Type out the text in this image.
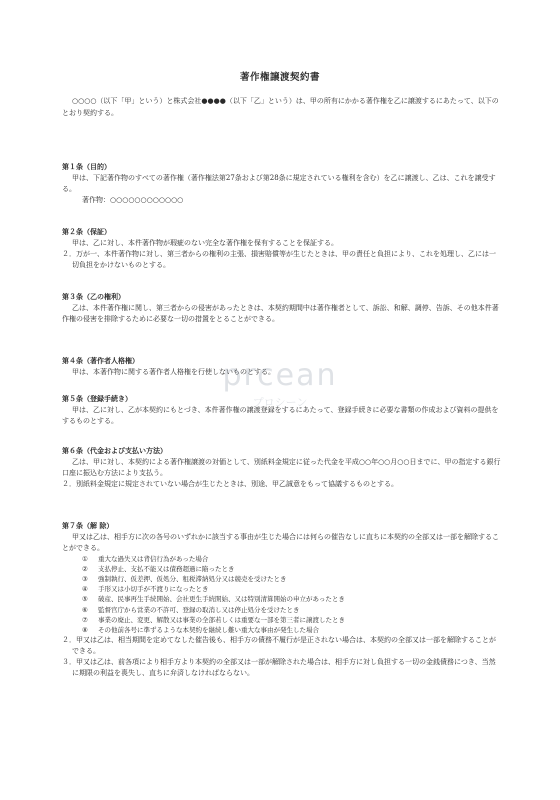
著作権譲渡契約書

○○○○（以下「甲」という）と株式会社●●●●（以下「乙」という）は、甲の所有にかかる著作権を乙に譲渡するにあたって、以下のとおり契約する。

第１条（目的）

甲は、下記著作物のすべての著作権（著作権法第27条および第28条に規定されている権利を含む）を乙に譲渡し、乙は、これを譲受する。

著作物：○○○○○○○○○○○○

第２条（保証）

甲は、乙に対し、本件著作物が瑕疵のない完全な著作権を保有することを保証する。

２．万が一、本件著作物に対し、第三者からの権利の主張、損害賠償等が生じたときは、甲の責任と負担により、これを処理し、乙には一切負担をかけないものとする。

第３条（乙の権利）

乙は、本件著作権に関し、第三者からの侵害があったときは、本契約期間中は著作権者として、訴訟、和解、調停、告訴、その他本件著作権の侵害を排除するために必要な一切の措置をとることができる。

第４条（著作者人格権）

甲は、本著作物に関する著作者人格権を行使しないものとする。

第５条（登録手続き）

甲は、乙に対し、乙が本契約にもとづき、本件著作権の譲渡登録をするにあたって、登録手続きに必要な書類の作成および資料の提供をするものとする。

第６条（代金および支払い方法）

乙は、甲に対し、本契約による著作権譲渡の対価として、別紙料金規定に従った代金を平成○○年○○月○○日までに、甲の指定する銀行口座に振込む方法により支払う。

２．別紙料金規定に規定されていない場合が生じたときは、別途、甲乙誠意をもって協議するものとする。

第７条（解 除）

甲又は乙は、相手方に次の各号のいずれかに該当する事由が生じた場合には何らの催告なしに直ちに本契約の全部又は一部を解除することができる。

① 重大な過失又は背信行為があった場合
② 支払停止、支払不能又は債務超過に陥ったとき
③ 強制執行、仮差押、仮処分、租税滞納処分又は競売を受けたとき
④ 手形又は小切手が不渡りになったとき
⑤ 破産、民事再生手続開始、会社更生手続開始、又は特別清算開始の申立があったとき
⑥ 監督官庁から営業の不許可、登録の取消し又は停止処分を受けたとき
⑦ 事業の廃止、変更、解散又は事業の全部若しくは重要な一部を第三者に譲渡したとき
⑧ その他前各号に準ずるような本契約を継続し難い重大な事由が発生した場合

２．甲又は乙は、相当期間を定めてなした催告後も、相手方の債務不履行が是正されない場合は、本契約の全部又は一部を解除することができる。

３．甲又は乙は、前各項により相手方より本契約の全部又は一部が解除された場合は、相手方に対し負担する一切の金銭債務につき、当然に期限の利益を喪失し、直ちに弁済しなければならない。

prcean
プロシーン
